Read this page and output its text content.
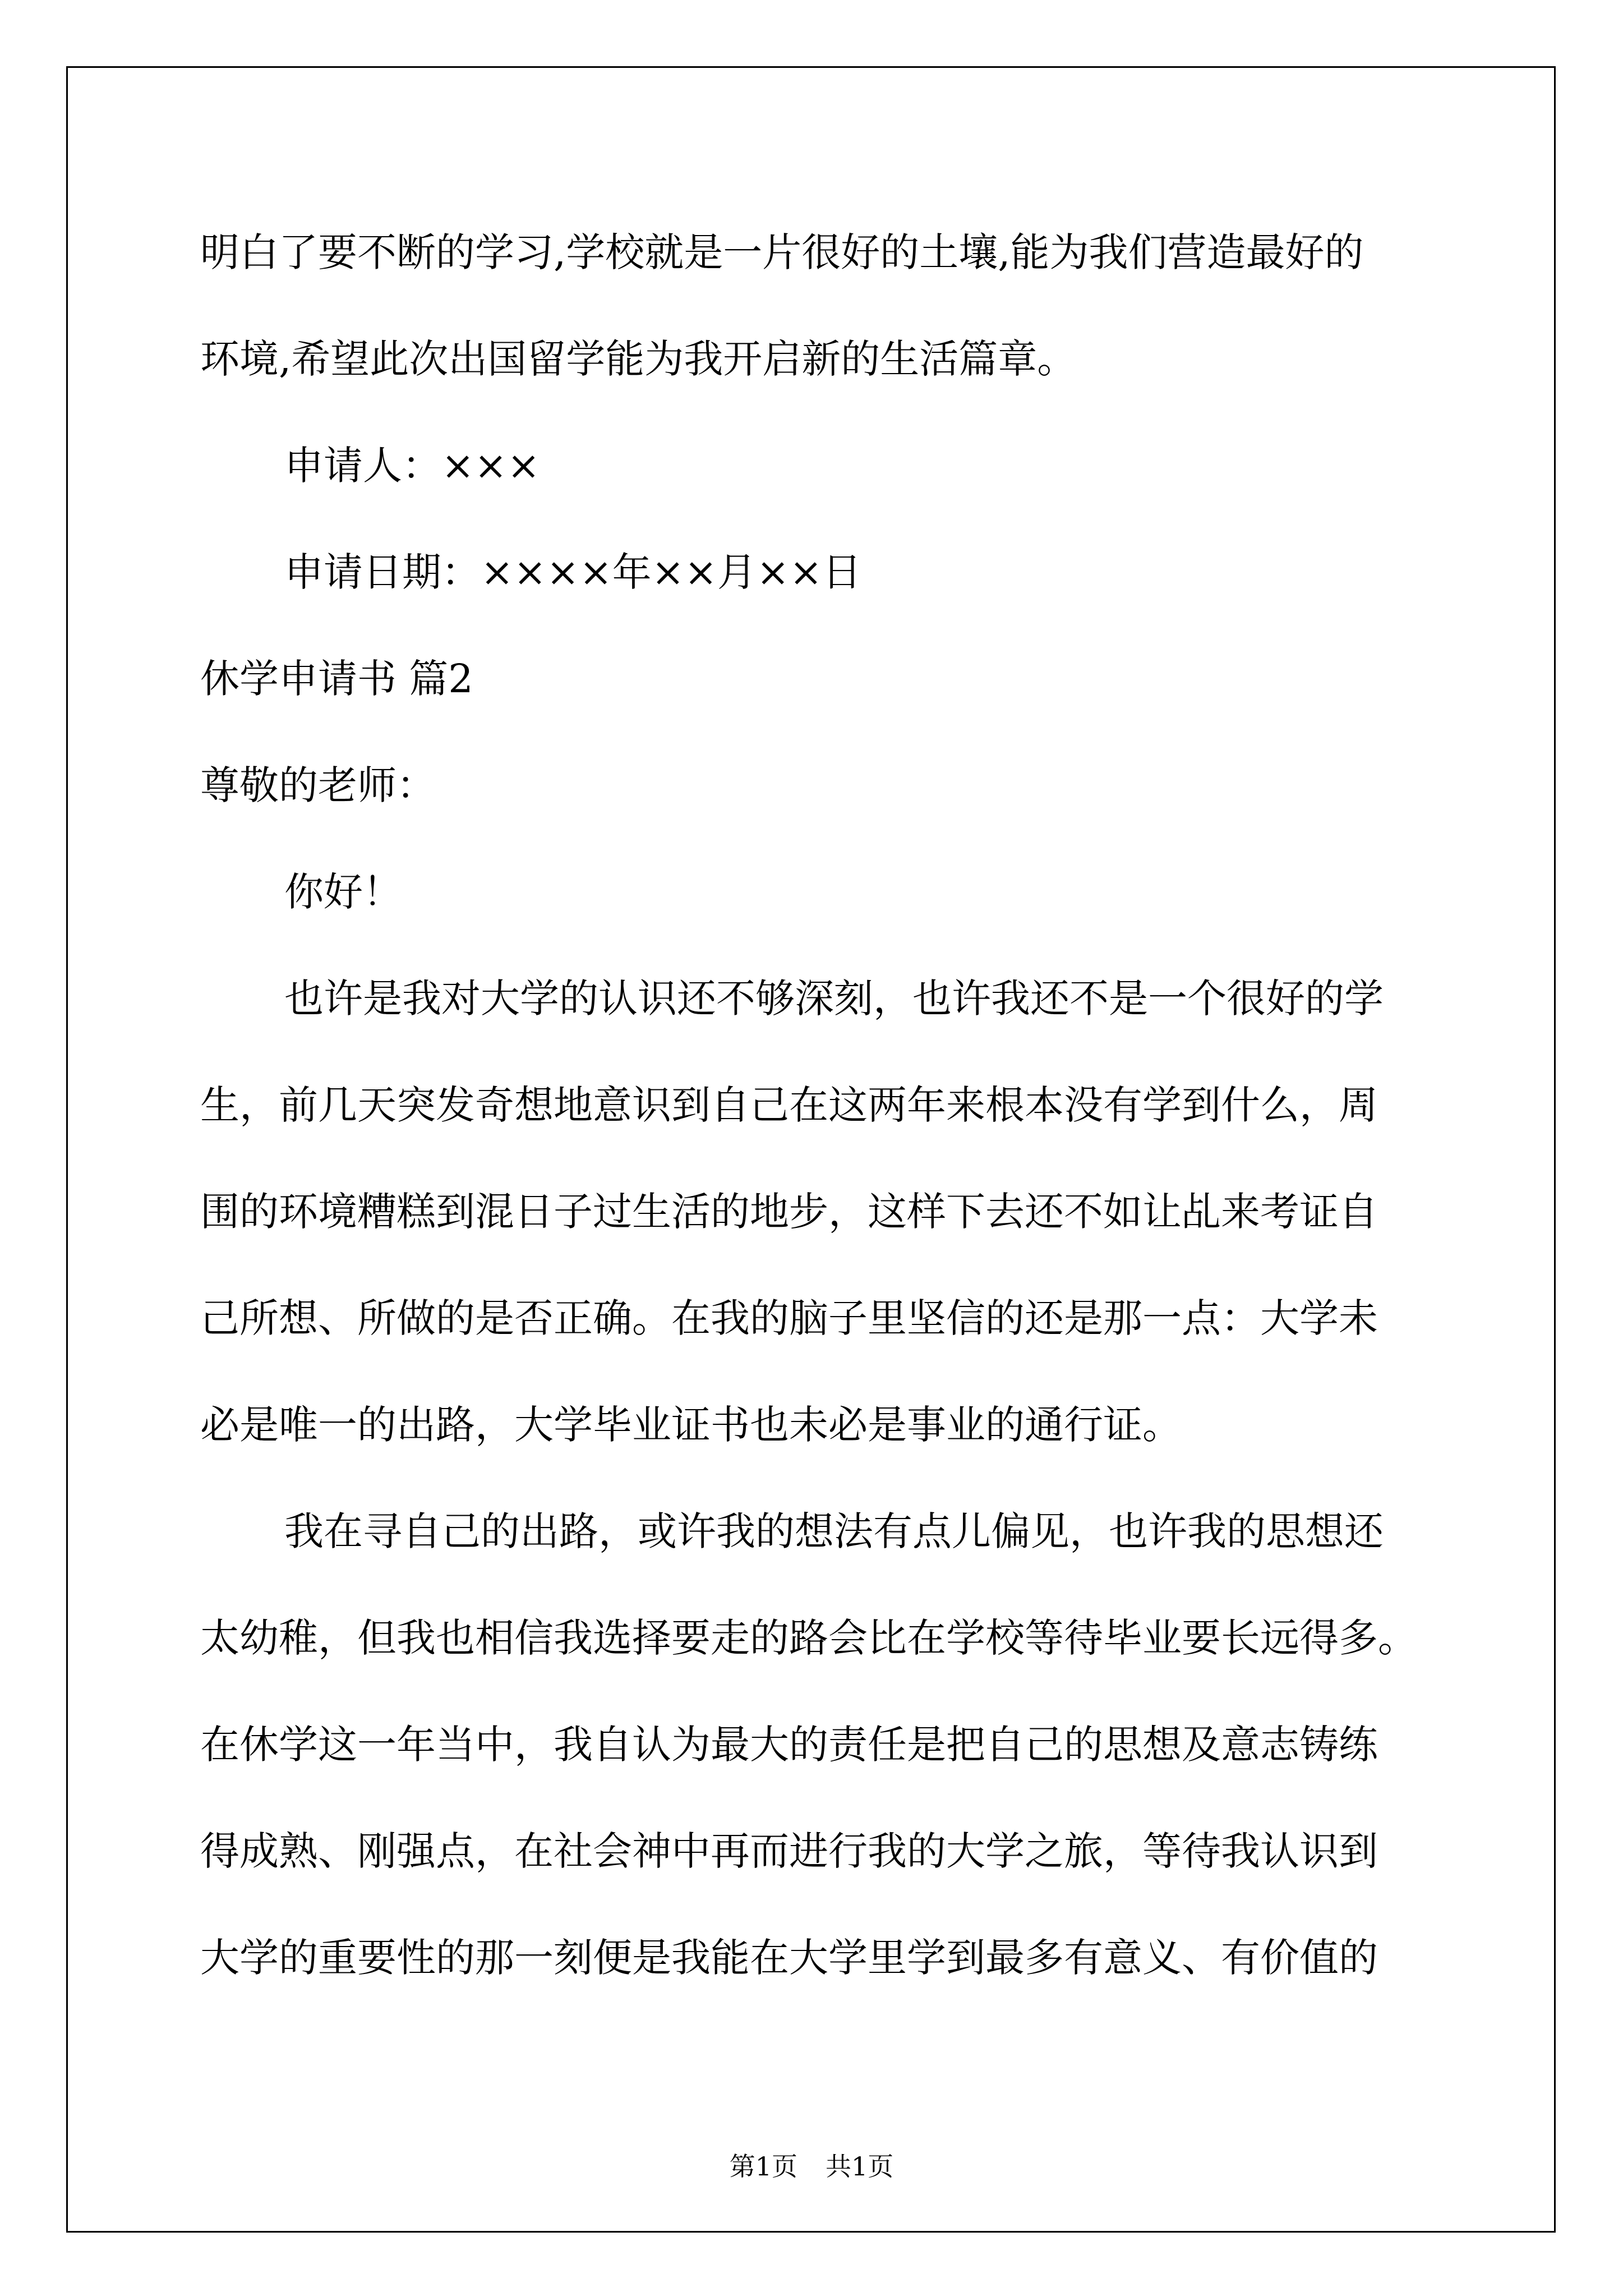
明白了要不断的学习,学校就是一片很好的土壤,能为我们营造最好的
环境,希望此次出国留学能为我开启新的生活篇章。
申请人：×××
申请日期：××××年××月××日
休学申请书 篇2
尊敬的老师：
你好！
也许是我对大学的认识还不够深刻，也许我还不是一个很好的学
生，前几天突发奇想地意识到自己在这两年来根本没有学到什么，周
围的环境糟糕到混日子过生活的地步，这样下去还不如让乩来考证自
己所想、所做的是否正确。在我的脑子里坚信的还是那一点：大学未
必是唯一的出路，大学毕业证书也未必是事业的通行证。
我在寻自己的出路，或许我的想法有点儿偏见，也许我的思想还
太幼稚，但我也相信我选择要走的路会比在学校等待毕业要长远得多。
在休学这一年当中，我自认为最大的责任是把自己的思想及意志铸练
得成熟、刚强点，在社会神中再而进行我的大学之旅，等待我认识到
大学的重要性的那一刻便是我能在大学里学到最多有意义、有价值的
第1页 共1页
